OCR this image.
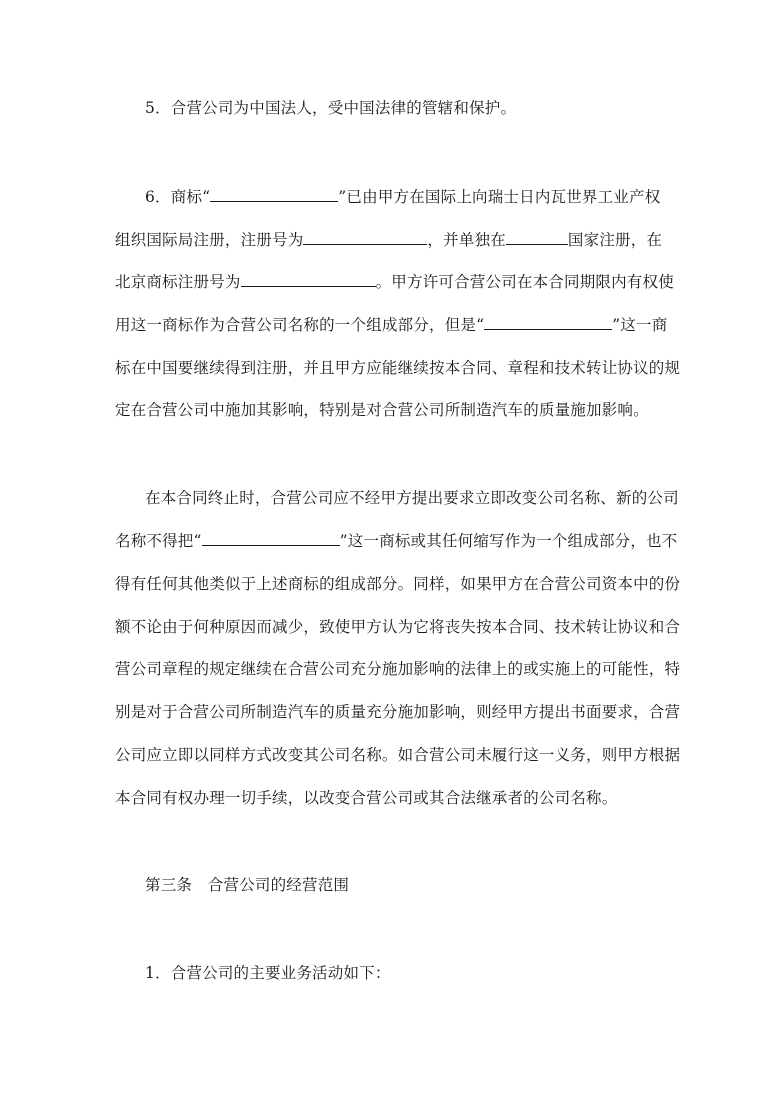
5．合营公司为中国法人，受中国法律的管辖和保护。
6．商标“	”已由甲方在国际上向瑞士日内瓦世界工业产权
组织国际局注册，注册号为	，并单独在	国家注册，在
北京商标注册号为	。甲方许可合营公司在本合同期限内有权使
用这一商标作为合营公司名称的一个组成部分，但是“	”这一商
标在中国要继续得到注册，并且甲方应能继续按本合同、章程和技术转让协议的规
定在合营公司中施加其影响，特别是对合营公司所制造汽车的质量施加影响。
在本合同终止时，合营公司应不经甲方提出要求立即改变公司名称、新的公司
名称不得把“	”这一商标或其任何缩写作为一个组成部分，也不
得有任何其他类似于上述商标的组成部分。同样，如果甲方在合营公司资本中的份
额不论由于何种原因而减少，致使甲方认为它将丧失按本合同、技术转让协议和合
营公司章程的规定继续在合营公司充分施加影响的法律上的或实施上的可能性，特
别是对于合营公司所制造汽车的质量充分施加影响，则经甲方提出书面要求，合营
公司应立即以同样方式改变其公司名称。如合营公司未履行这一义务，则甲方根据
本合同有权办理一切手续，以改变合营公司或其合法继承者的公司名称。
第三条　合营公司的经营范围
1．合营公司的主要业务活动如下：
